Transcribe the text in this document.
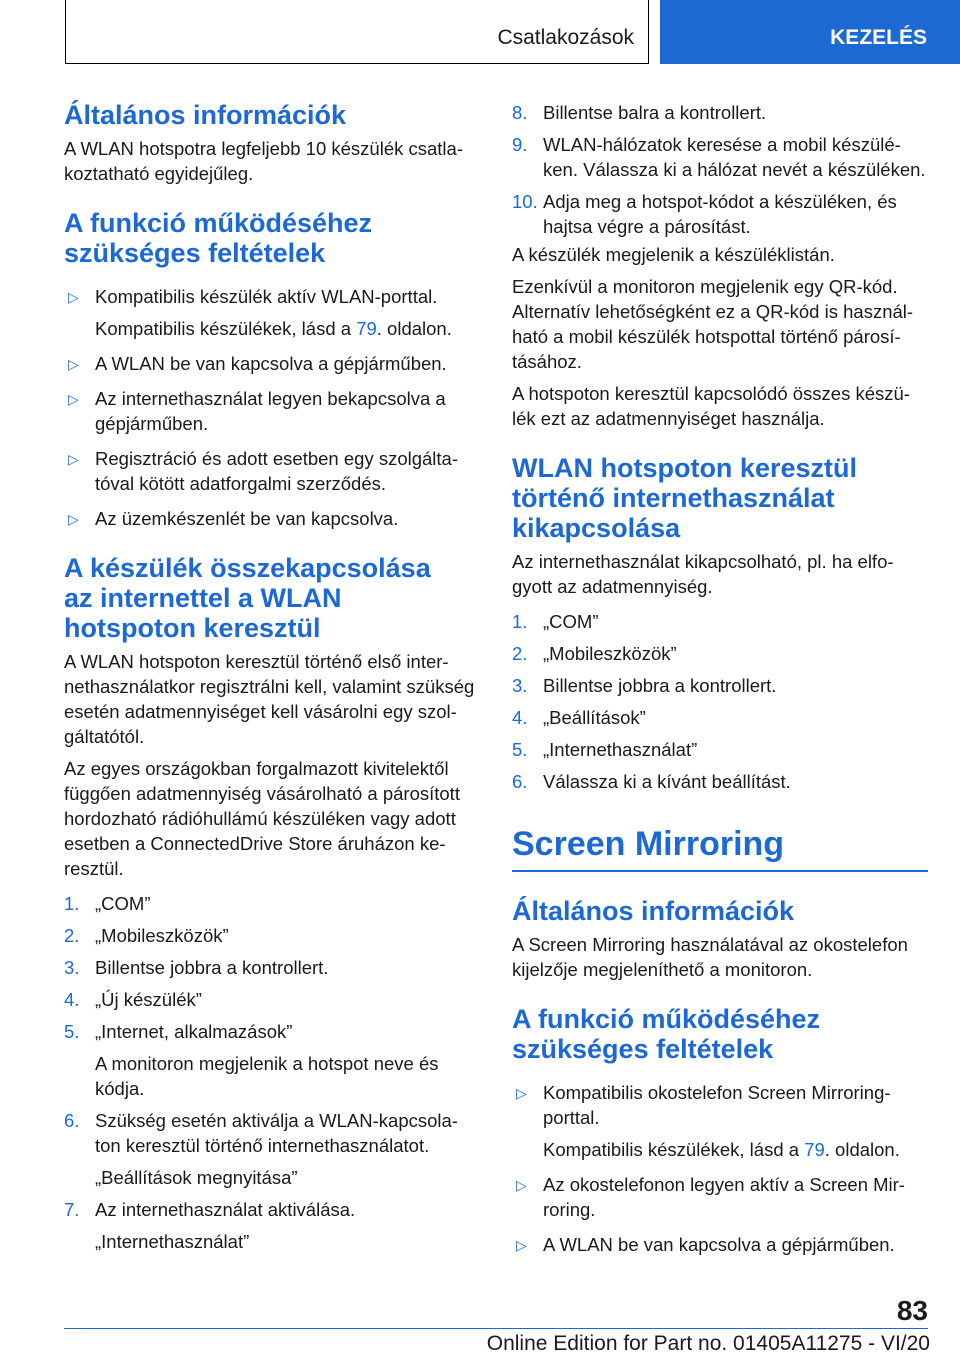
Csatlakozások	KEZELÉS
Általános információk

A WLAN hotspotra legfeljebb 10 készülék csatla-koztatható egyidejűleg.

A funkció működéséhez szükséges feltételek

▷ Kompatibilis készülék aktív WLAN-porttal.

Kompatibilis készülékek, lásd a 79. oldalon.

▷ A WLAN be van kapcsolva a gépjárműben.

▷ Az internethasználat legyen bekapcsolva a gépjárműben.

▷ Regisztráció és adott esetben egy szolgálta-tóval kötött adatforgalmi szerződés.

▷ Az üzemkészenlét be van kapcsolva.

A készülék összekapcsolása az internettel a WLAN hotspoton keresztül

A WLAN hotspoton keresztül történő első inter-nethasználatkor regisztrálni kell, valamint szükség esetén adatmennyiséget kell vásárolni egy szol-gáltatótól.

Az egyes országokban forgalmazott kivitelektől függően adatmennyiség vásárolható a párosított hordozható rádióhullámú készüléken vagy adott esetben a ConnectedDrive Store áruházon ke-resztül.

1. „COM”

2. „Mobileszközök”

3. Billentse jobbra a kontrollert.

4. „Új készülék”

5. „Internet, alkalmazások”

A monitoron megjelenik a hotspot neve és kódja.

6. Szükség esetén aktiválja a WLAN-kapcsola-ton keresztül történő internethasználatot.

„Beállítások megnyitása”

7. Az internethasználat aktiválása.

„Internethasználat”

8. Billentse balra a kontrollert.

9. WLAN-hálózatok keresése a mobil készülé-ken. Válassza ki a hálózat nevét a készüléken.

10. Adja meg a hotspot-kódot a készüléken, és hajtsa végre a párosítást.

A készülék megjelenik a készüléklistán.

Ezenkívül a monitoron megjelenik egy QR-kód. Alternatív lehetőségként ez a QR-kód is használ-ható a mobil készülék hotspottal történő párosí-tásához.

A hotspoton keresztül kapcsolódó összes készü-lék ezt az adatmennyiséget használja.

WLAN hotspoton keresztül történő internethasználat kikapcsolása

Az internethasználat kikapcsolható, pl. ha elfo-gyott az adatmennyiség.

1. „COM”

2. „Mobileszközök”

3. Billentse jobbra a kontrollert.

4. „Beállítások”

5. „Internethasználat”

6. Válassza ki a kívánt beállítást.

Screen Mirroring
Általános információk

A Screen Mirroring használatával az okostelefon kijelzője megjeleníthető a monitoron.

A funkció működéséhez szükséges feltételek

▷ Kompatibilis okostelefon Screen Mirroring-porttal.

Kompatibilis készülékek, lásd a 79. oldalon.

▷ Az okostelefonon legyen aktív a Screen Mir-roring.

▷ A WLAN be van kapcsolva a gépjárműben.

83
Online Edition for Part no. 01405A11275 - VI/20
